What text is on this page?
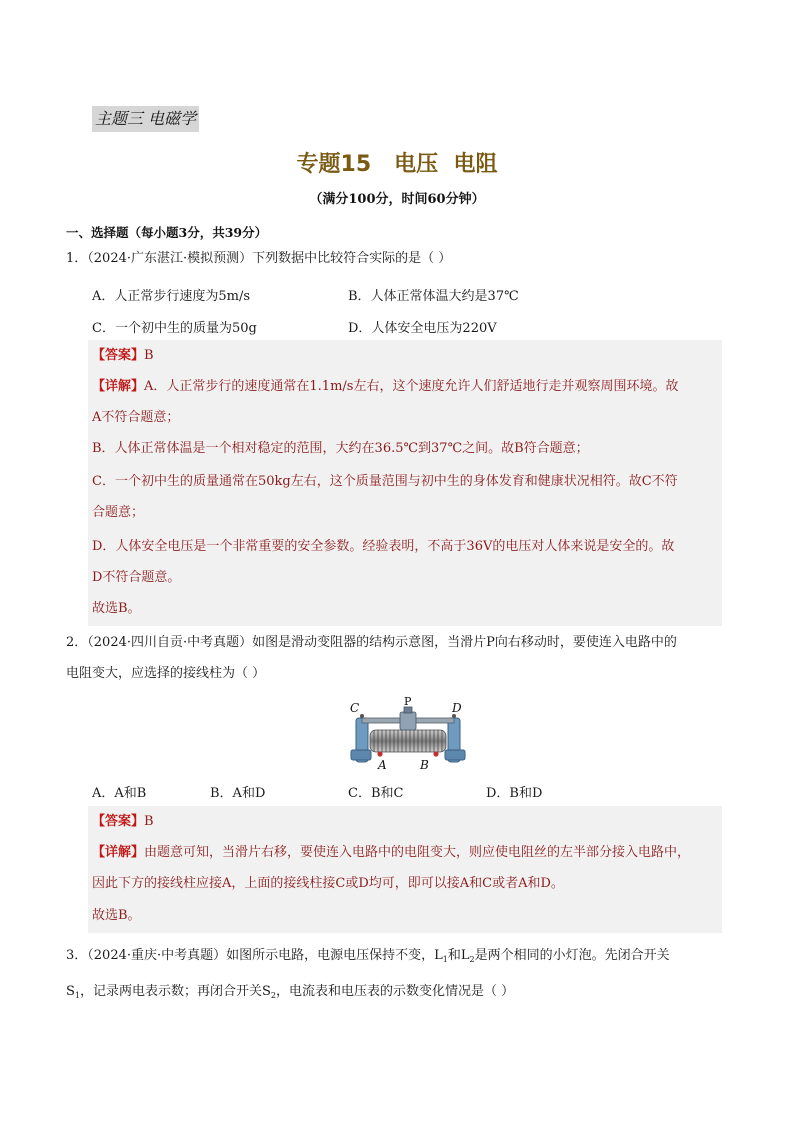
主题三 电磁学
专题15   电压  电阻
（满分100分，时间60分钟）
一、选择题（每小题3分，共39分）
1．（2024·广东湛江·模拟预测）下列数据中比较符合实际的是（ ）
A．人正常步行速度为5m/s	B．人体正常体温大约是37℃
C．一个初中生的质量为50g	D．人体安全电压为220V
【答案】B
【详解】A．人正常步行的速度通常在1.1m/s左右，这个速度允许人们舒适地行走并观察周围环境。故
A不符合题意；
B．人体正常体温是一个相对稳定的范围，大约在36.5℃到37℃之间。故B符合题意；
C．一个初中生的质量通常在50kg左右，这个质量范围与初中生的身体发育和健康状况相符。故C不符
合题意；
D．人体安全电压是一个非常重要的安全参数。经验表明，不高于36V的电压对人体来说是安全的。故
D不符合题意。
故选B。
2．（2024·四川自贡·中考真题）如图是滑动变阻器的结构示意图，当滑片P向右移动时，要使连入电路中的
电阻变大，应选择的接线柱为（ ）
C	P	D
A	B
A．A和B	B．A和D	C．B和C	D．B和D
【答案】B
【详解】由题意可知，当滑片右移，要使连入电路中的电阻变大，则应使电阻丝的左半部分接入电路中，
因此下方的接线柱应接A，上面的接线柱接C或D均可，即可以接A和C或者A和D。
故选B。
3．（2024·重庆·中考真题）如图所示电路，电源电压保持不变，$L_1$和$L_2$是两个相同的小灯泡。先闭合开关
$S_1$，记录两电表示数；再闭合开关$S_2$，电流表和电压表的示数变化情况是（ ）
